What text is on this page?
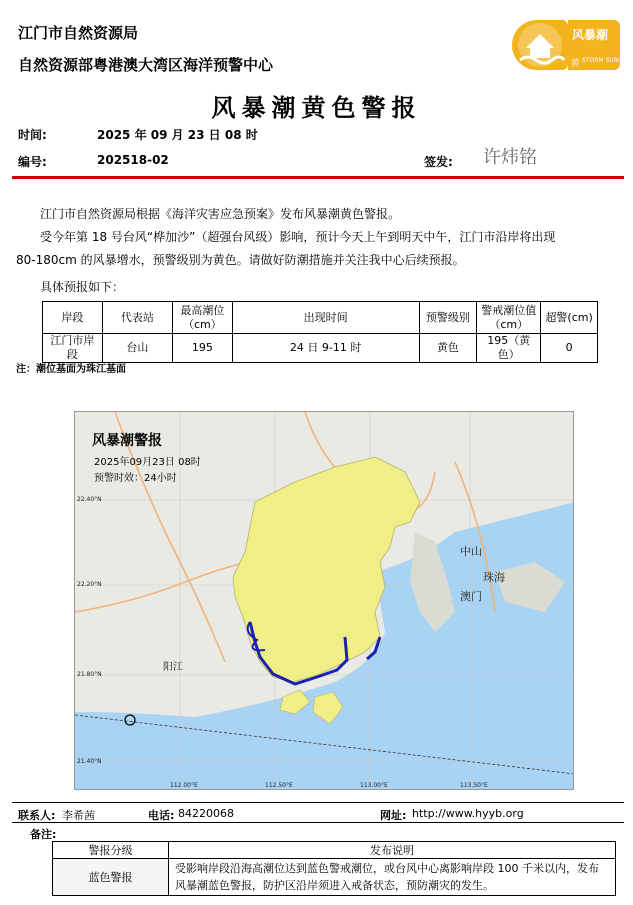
江门市自然资源局
自然资源部粤港澳大湾区海洋预警中心
风暴潮
黄 STORM SURGE
风暴潮黄色警报
时间:	2025 年 09 月 23 日 08 时
编号:	202518-02	签发: 许炜铭
江门市自然资源局根据《海洋灾害应急预案》发布风暴潮黄色警报。
受今年第 18 号台风“桦加沙”（超强台风级）影响，预计今天上午到明天中午，江门市沿岸将出现
80-180cm 的风暴增水，预警级别为黄色。请做好防潮措施并关注我中心后续预报。
具体预报如下：
岸段	代表站	最高潮位（cm）	出现时间	预警级别	警戒潮位值（cm）	超警(cm)
江门市岸段	台山	195	24 日 9-11 时	黄色	195（黄色）	0
注：潮位基面为珠江基面
风暴潮警报
2025年09月23日 08时
预警时效：24小时
中山
珠海
澳门
阳江
22.40°N
22.20°N
21.80°N
21.40°N
112.00°E	112.50°E	113.00°E	113.50°E
联系人: 李希茜	电话: 84220068	网址: http://www.hyyb.org
备注:
警报分级	发布说明
蓝色警报	受影响岸段沿海高潮位达到蓝色警戒潮位，或台风中心离影响岸段 100 千米以内，发布风暴潮蓝色警报，防护区沿岸须进入戒备状态，预防潮灾的发生。
